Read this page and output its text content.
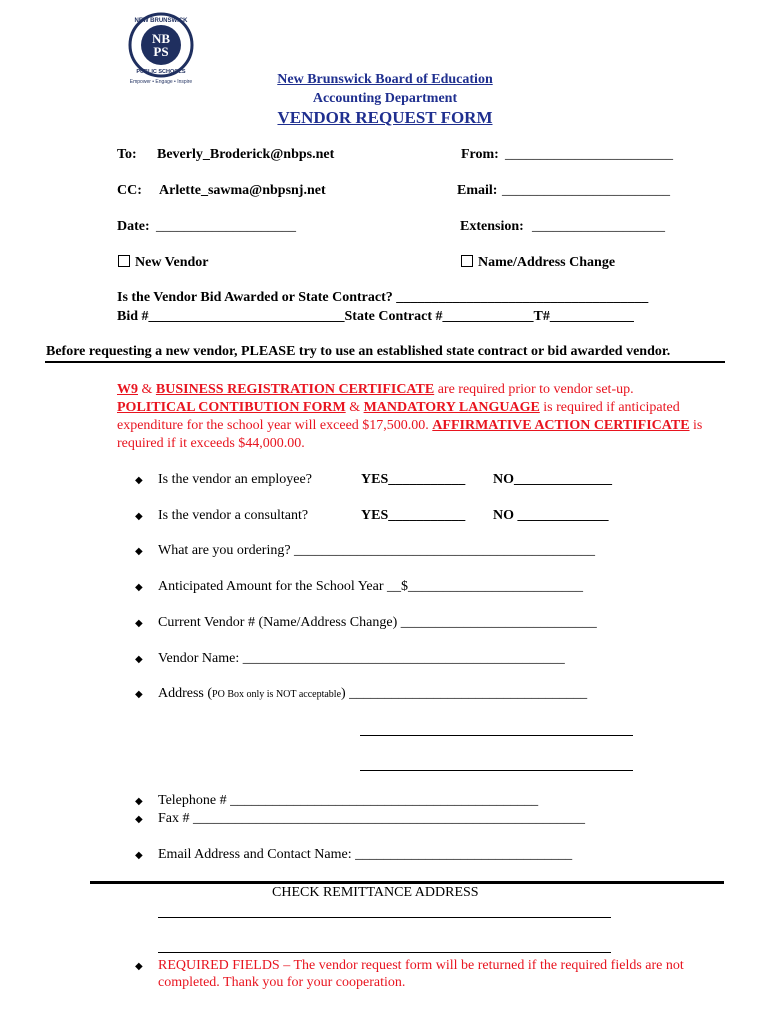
NB
PS
NEW BRUNSWICK
PUBLIC SCHOOLS
Empower • Engage • Inspire	New Brunswick Board of Education
Accounting Department
VENDOR REQUEST FORM
To: Beverly_Broderick@nbps.net	From: ________________________
CC: Arlette_sawma@nbpsnj.net	Email: ________________________
Date: ____________________	Extension: ___________________
New Vendor	Name/Address Change
Is the Vendor Bid Awarded or State Contract? ____________________________________
Bid #____________________________State Contract #_____________T#____________
Before requesting a new vendor, PLEASE try to use an established state contract or bid awarded vendor.
W9 & BUSINESS REGISTRATION CERTIFICATE are required prior to vendor set-up.
POLITICAL CONTIBUTION FORM & MANDATORY LANGUAGE is required if anticipated expenditure for the school year will exceed $17,500.00. AFFIRMATIVE ACTION CERTIFICATE is required if it exceeds $44,000.00.
◆ Is the vendor an employee?	YES___________ NO______________
◆ Is the vendor a consultant?	YES___________ NO _____________
◆ What are you ordering? ___________________________________________
◆ Anticipated Amount for the School Year __$_________________________
◆ Current Vendor # (Name/Address Change) ____________________________
◆ Vendor Name: ______________________________________________
◆ Address (PO Box only is NOT acceptable) __________________________________
◆ Telephone # ____________________________________________
◆ Fax # ________________________________________________________
◆ Email Address and Contact Name: _______________________________
CHECK REMITTANCE ADDRESS
◆ REQUIRED FIELDS – The vendor request form will be returned if the required fields are not completed. Thank you for your cooperation.
